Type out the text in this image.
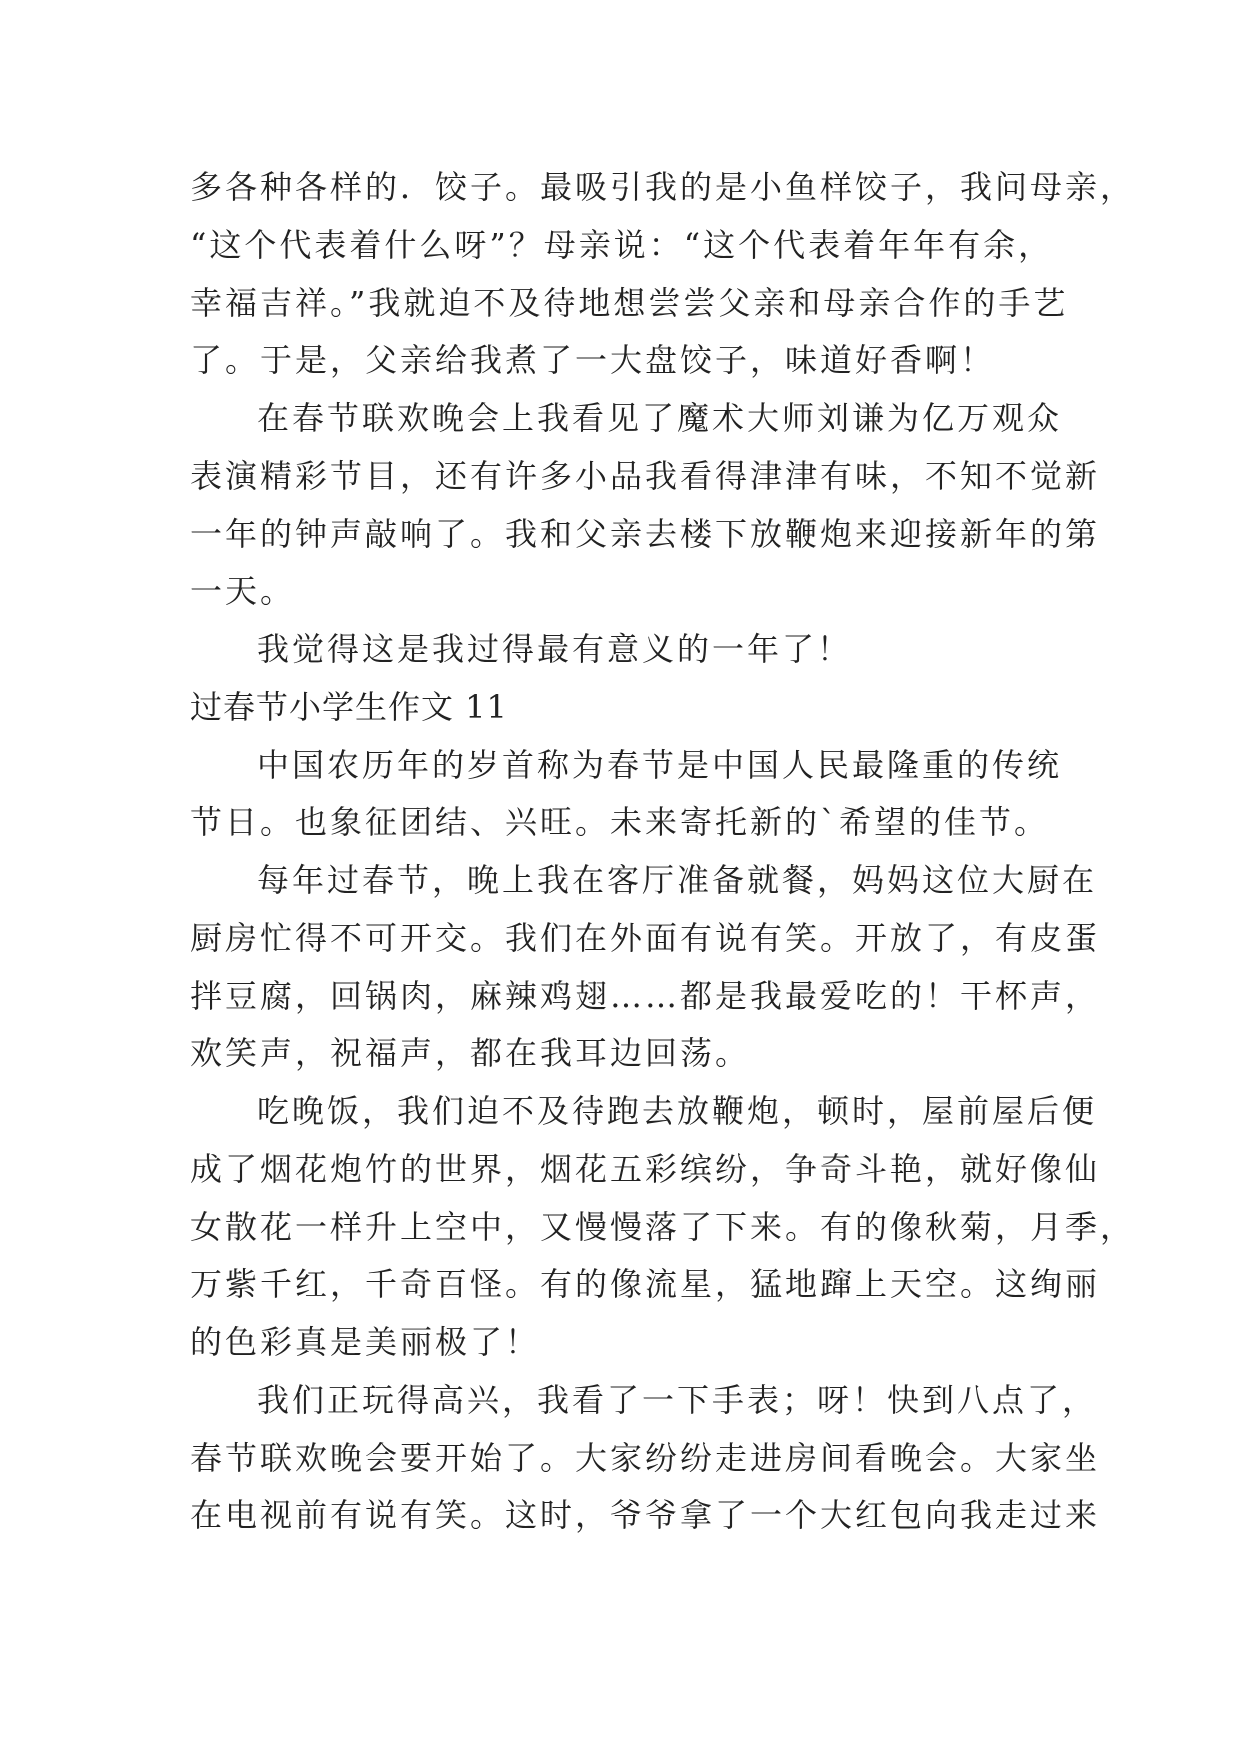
多各种各样的．饺子。最吸引我的是小鱼样饺子，我问母亲，
“这个代表着什么呀”？母亲说：“这个代表着年年有余，
幸福吉祥。”我就迫不及待地想尝尝父亲和母亲合作的手艺
了。于是，父亲给我煮了一大盘饺子，味道好香啊！
在春节联欢晚会上我看见了魔术大师刘谦为亿万观众
表演精彩节目，还有许多小品我看得津津有味，不知不觉新
一年的钟声敲响了。我和父亲去楼下放鞭炮来迎接新年的第
一天。
我觉得这是我过得最有意义的一年了！
过春节小学生作文 11
中国农历年的岁首称为春节是中国人民最隆重的传统
节日。也象征团结、兴旺。未来寄托新的`希望的佳节。
每年过春节，晚上我在客厅准备就餐，妈妈这位大厨在
厨房忙得不可开交。我们在外面有说有笑。开放了，有皮蛋
拌豆腐，回锅肉，麻辣鸡翅……都是我最爱吃的！干杯声，
欢笑声，祝福声，都在我耳边回荡。
吃晚饭，我们迫不及待跑去放鞭炮，顿时，屋前屋后便
成了烟花炮竹的世界，烟花五彩缤纷，争奇斗艳，就好像仙
女散花一样升上空中，又慢慢落了下来。有的像秋菊，月季，
万紫千红，千奇百怪。有的像流星，猛地蹿上天空。这绚丽
的色彩真是美丽极了！
我们正玩得高兴，我看了一下手表；呀！快到八点了，
春节联欢晚会要开始了。大家纷纷走进房间看晚会。大家坐
在电视前有说有笑。这时，爷爷拿了一个大红包向我走过来
